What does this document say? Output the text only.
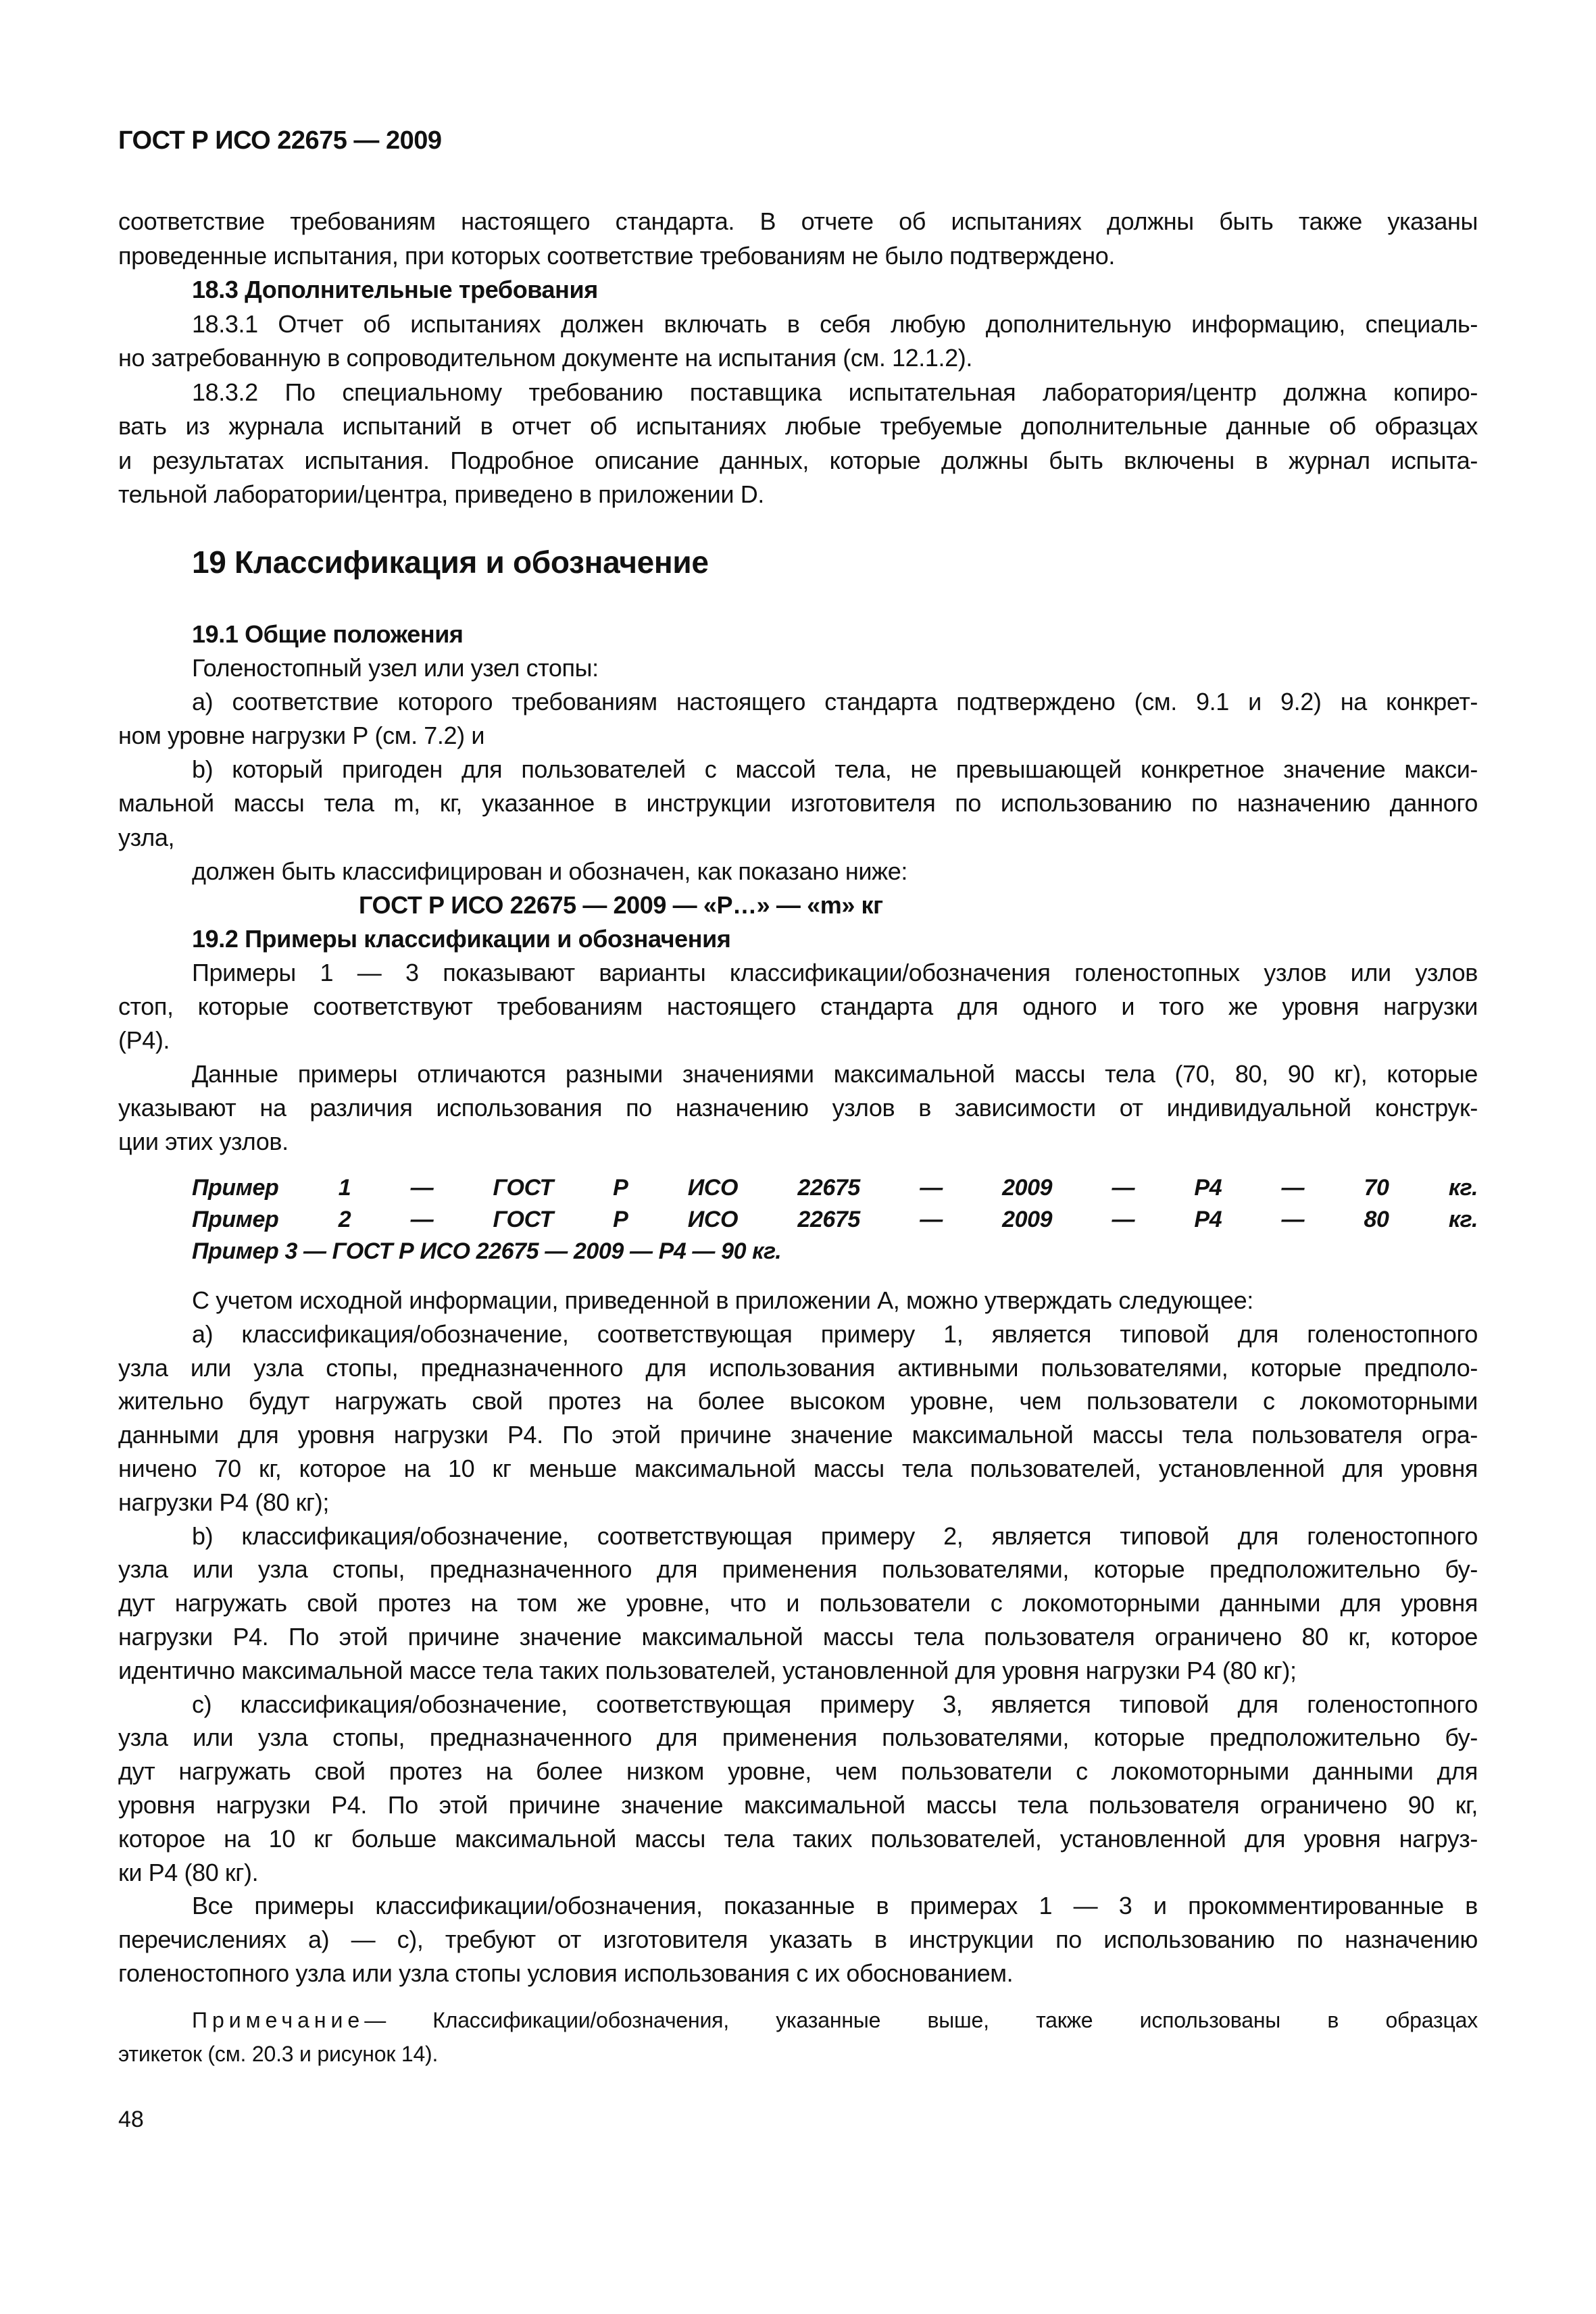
ГОСТ Р ИСО 22675 — 2009
соответствие требованиям настоящего стандарта. В отчете об испытаниях должны быть также указаны
проведенные испытания, при которых соответствие требованиям не было подтверждено.
18.3 Дополнительные требования
18.3.1 Отчет об испытаниях должен включать в себя любую дополнительную информацию, специаль-
но затребованную в сопроводительном документе на испытания (см. 12.1.2).
18.3.2 По специальному требованию поставщика испытательная лаборатория/центр должна копиро-
вать из журнала испытаний в отчет об испытаниях любые требуемые дополнительные данные об образцах
и результатах испытания. Подробное описание данных, которые должны быть включены в журнал испыта-
тельной лаборатории/центра, приведено в приложении D.
19 Классификация и обозначение
19.1 Общие положения
Голеностопный узел или узел стопы:
а) соответствие которого требованиям настоящего стандарта подтверждено (см. 9.1 и 9.2) на конкрет-
ном уровне нагрузки Р (см. 7.2) и
b) который пригоден для пользователей с массой тела, не превышающей конкретное значение макси-
мальной массы тела m, кг, указанное в инструкции изготовителя по использованию по назначению данного
узла,
должен быть классифицирован и обозначен, как показано ниже:
ГОСТ Р ИСО 22675 — 2009 — «Р…» — «m» кг
19.2 Примеры классификации и обозначения
Примеры 1 — 3 показывают варианты классификации/обозначения голеностопных узлов или узлов
стоп, которые соответствуют требованиям настоящего стандарта для одного и того же уровня нагрузки
(Р4).
Данные примеры отличаются разными значениями максимальной массы тела (70, 80, 90 кг), которые
указывают на различия использования по назначению узлов в зависимости от индивидуальной конструк-
ции этих узлов.
Пример 1 — ГОСТ Р ИСО 22675 — 2009 — Р4 — 70 кг.
Пример 2 — ГОСТ Р ИСО 22675 — 2009 — Р4 — 80 кг.
Пример 3 — ГОСТ Р ИСО 22675 — 2009 — Р4 — 90 кг.
С учетом исходной информации, приведенной в приложении А, можно утверждать следующее:
а) классификация/обозначение, соответствующая примеру 1, является типовой для голеностопного
узла или узла стопы, предназначенного для использования активными пользователями, которые предполо-
жительно будут нагружать свой протез на более высоком уровне, чем пользователи с локомоторными
данными для уровня нагрузки Р4. По этой причине значение максимальной массы тела пользователя огра-
ничено 70 кг, которое на 10 кг меньше максимальной массы тела пользователей, установленной для уровня
нагрузки Р4 (80 кг);
b) классификация/обозначение, соответствующая примеру 2, является типовой для голеностопного
узла или узла стопы, предназначенного для применения пользователями, которые предположительно бу-
дут нагружать свой протез на том же уровне, что и пользователи с локомоторными данными для уровня
нагрузки Р4. По этой причине значение максимальной массы тела пользователя ограничено 80 кг, которое
идентично максимальной массе тела таких пользователей, установленной для уровня нагрузки Р4 (80 кг);
с) классификация/обозначение, соответствующая примеру 3, является типовой для голеностопного
узла или узла стопы, предназначенного для применения пользователями, которые предположительно бу-
дут нагружать свой протез на более низком уровне, чем пользователи с локомоторными данными для
уровня нагрузки Р4. По этой причине значение максимальной массы тела пользователя ограничено 90 кг,
которое на 10 кг больше максимальной массы тела таких пользователей, установленной для уровня нагруз-
ки Р4 (80 кг).
Все примеры классификации/обозначения, показанные в примерах 1 — 3 и прокомментированные в
перечислениях а) — с), требуют от изготовителя указать в инструкции по использованию по назначению
голеностопного узла или узла стопы условия использования с их обоснованием.
Примечание— Классификации/обозначения, указанные выше, также использованы в образцах
этикеток (см. 20.3 и рисунок 14).
48
